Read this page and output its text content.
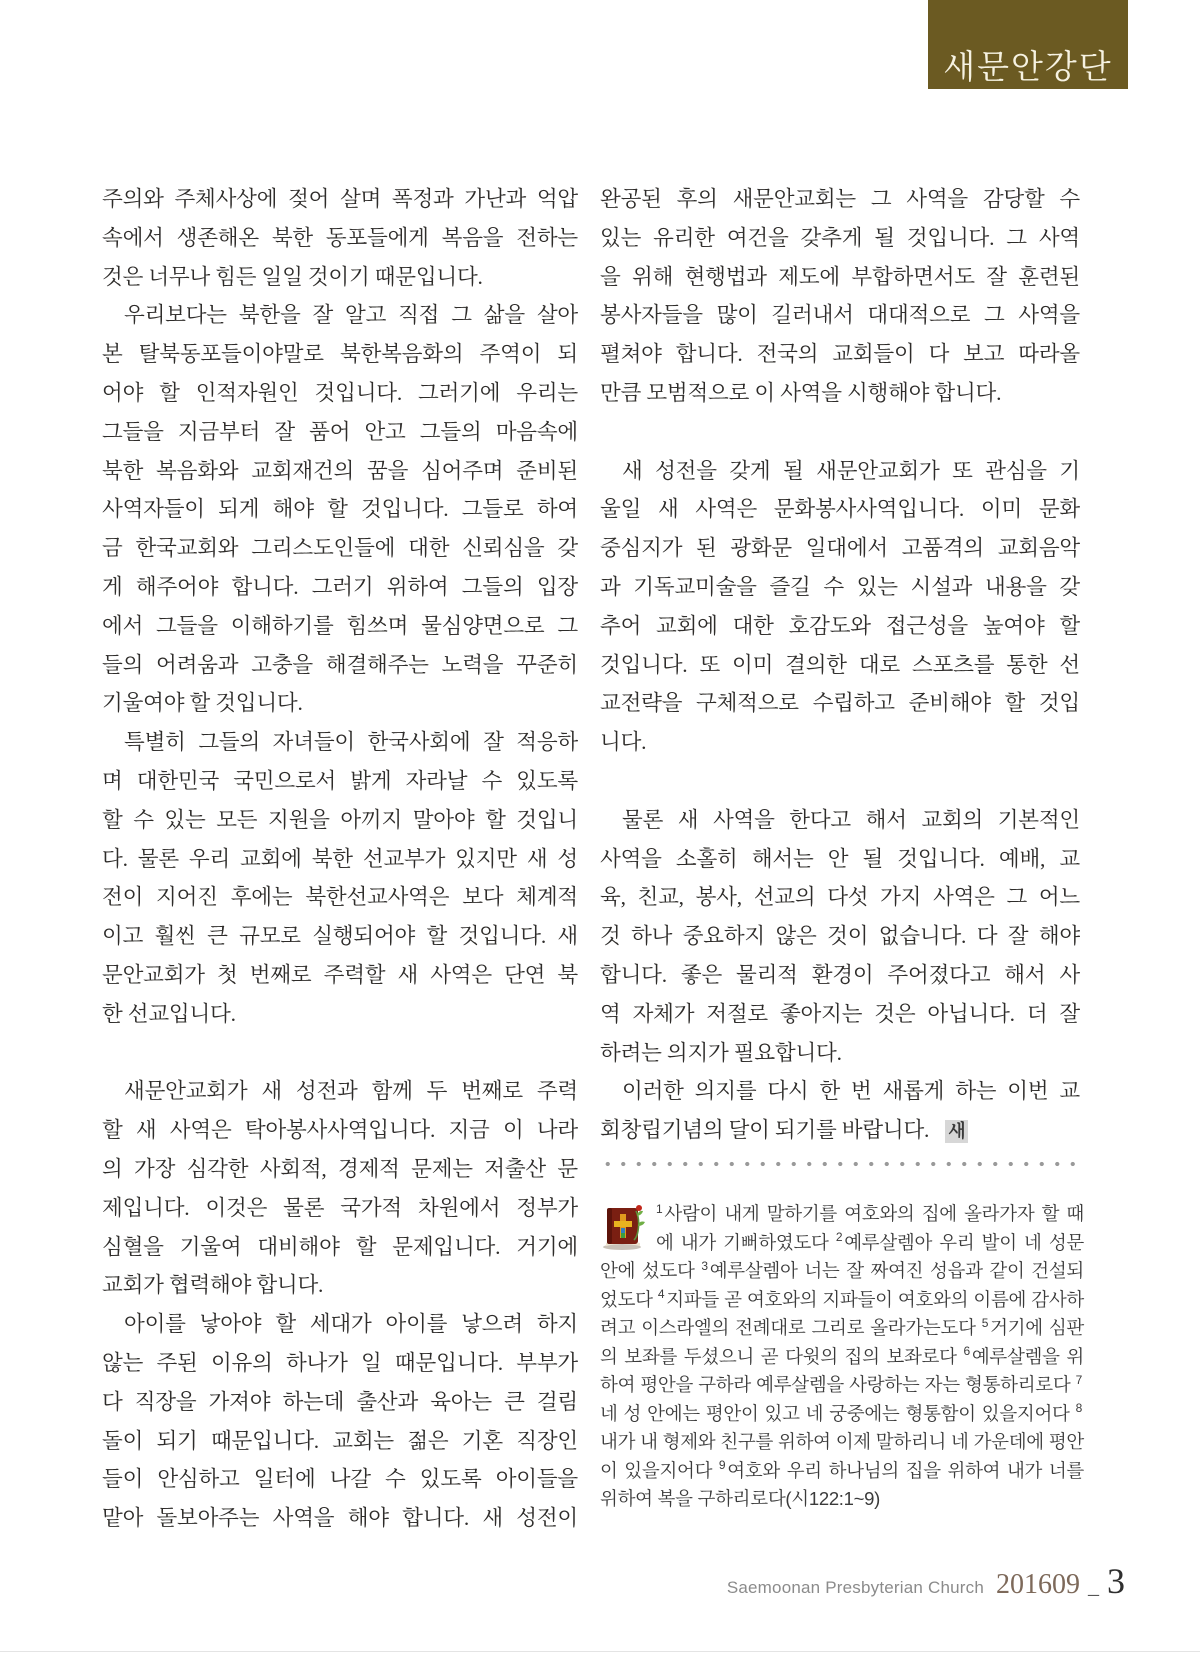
새문안강단
주의와 주체사상에 젖어 살며 폭정과 가난과 억압
속에서 생존해온 북한 동포들에게 복음을 전하는
것은 너무나 힘든 일일 것이기 때문입니다.
우리보다는 북한을 잘 알고 직접 그 삶을 살아
본 탈북동포들이야말로 북한복음화의 주역이 되
어야 할 인적자원인 것입니다. 그러기에 우리는
그들을 지금부터 잘 품어 안고 그들의 마음속에
북한 복음화와 교회재건의 꿈을 심어주며 준비된
사역자들이 되게 해야 할 것입니다. 그들로 하여
금 한국교회와 그리스도인들에 대한 신뢰심을 갖
게 해주어야 합니다. 그러기 위하여 그들의 입장
에서 그들을 이해하기를 힘쓰며 물심양면으로 그
들의 어려움과 고충을 해결해주는 노력을 꾸준히
기울여야 할 것입니다.
특별히 그들의 자녀들이 한국사회에 잘 적응하
며 대한민국 국민으로서 밝게 자라날 수 있도록
할 수 있는 모든 지원을 아끼지 말아야 할 것입니
다. 물론 우리 교회에 북한 선교부가 있지만 새 성
전이 지어진 후에는 북한선교사역은 보다 체계적
이고 훨씬 큰 규모로 실행되어야 할 것입니다. 새
문안교회가 첫 번째로 주력할 새 사역은 단연 북
한 선교입니다.
새문안교회가 새 성전과 함께 두 번째로 주력
할 새 사역은 탁아봉사사역입니다. 지금 이 나라
의 가장 심각한 사회적, 경제적 문제는 저출산 문
제입니다. 이것은 물론 국가적 차원에서 정부가
심혈을 기울여 대비해야 할 문제입니다. 거기에
교회가 협력해야 합니다.
아이를 낳아야 할 세대가 아이를 낳으려 하지
않는 주된 이유의 하나가 일 때문입니다. 부부가
다 직장을 가져야 하는데 출산과 육아는 큰 걸림
돌이 되기 때문입니다. 교회는 젊은 기혼 직장인
들이 안심하고 일터에 나갈 수 있도록 아이들을
맡아 돌보아주는 사역을 해야 합니다. 새 성전이
완공된 후의 새문안교회는 그 사역을 감당할 수
있는 유리한 여건을 갖추게 될 것입니다. 그 사역
을 위해 현행법과 제도에 부합하면서도 잘 훈련된
봉사자들을 많이 길러내서 대대적으로 그 사역을
펼쳐야 합니다. 전국의 교회들이 다 보고 따라올
만큼 모범적으로 이 사역을 시행해야 합니다.
새 성전을 갖게 될 새문안교회가 또 관심을 기
울일 새 사역은 문화봉사사역입니다. 이미 문화
중심지가 된 광화문 일대에서 고품격의 교회음악
과 기독교미술을 즐길 수 있는 시설과 내용을 갖
추어 교회에 대한 호감도와 접근성을 높여야 할
것입니다. 또 이미 결의한 대로 스포츠를 통한 선
교전략을 구체적으로 수립하고 준비해야 할 것입
니다.
물론 새 사역을 한다고 해서 교회의 기본적인
사역을 소홀히 해서는 안 될 것입니다. 예배, 교
육, 친교, 봉사, 선교의 다섯 가지 사역은 그 어느
것 하나 중요하지 않은 것이 없습니다. 다 잘 해야
합니다. 좋은 물리적 환경이 주어졌다고 해서 사
역 자체가 저절로 좋아지는 것은 아닙니다. 더 잘
하려는 의지가 필요합니다.
이러한 의지를 다시 한 번 새롭게 하는 이번 교
회창립기념의 달이 되기를 바랍니다. 새
$^1$ 사람이 내게 말하기를 여호와의 집에 올라가자 할 때에 내가 기뻐하였도다 $^2$ 예루살렘아 우리 발이 네 성문 안에 섰도다 $^3$ 예루살렘아 너는 잘 짜여진 성읍과 같이 건설되었도다 $^4$ 지파들 곧 여호와의 지파들이 여호와의 이름에 감사하려고 이스라엘의 전례대로 그리로 올라가는도다 $^5$ 거기에 심판의 보좌를 두셨으니 곧 다윗의 집의 보좌로다 $^6$ 예루살렘을 위하여 평안을 구하라 예루살렘을 사랑하는 자는 형통하리로다 $^7$네 성 안에는 평안이 있고 네 궁중에는 형통함이 있을지어다 $^8$내가 내 형제와 친구를 위하여 이제 말하리니 네 가운데에 평안이 있을지어다 $^9$ 여호와 우리 하나님의 집을 위하여 내가 너를 위하여 복을 구하리로다(시122:1~9)
Saemoonan Presbyterian Church 201609 _ 3
